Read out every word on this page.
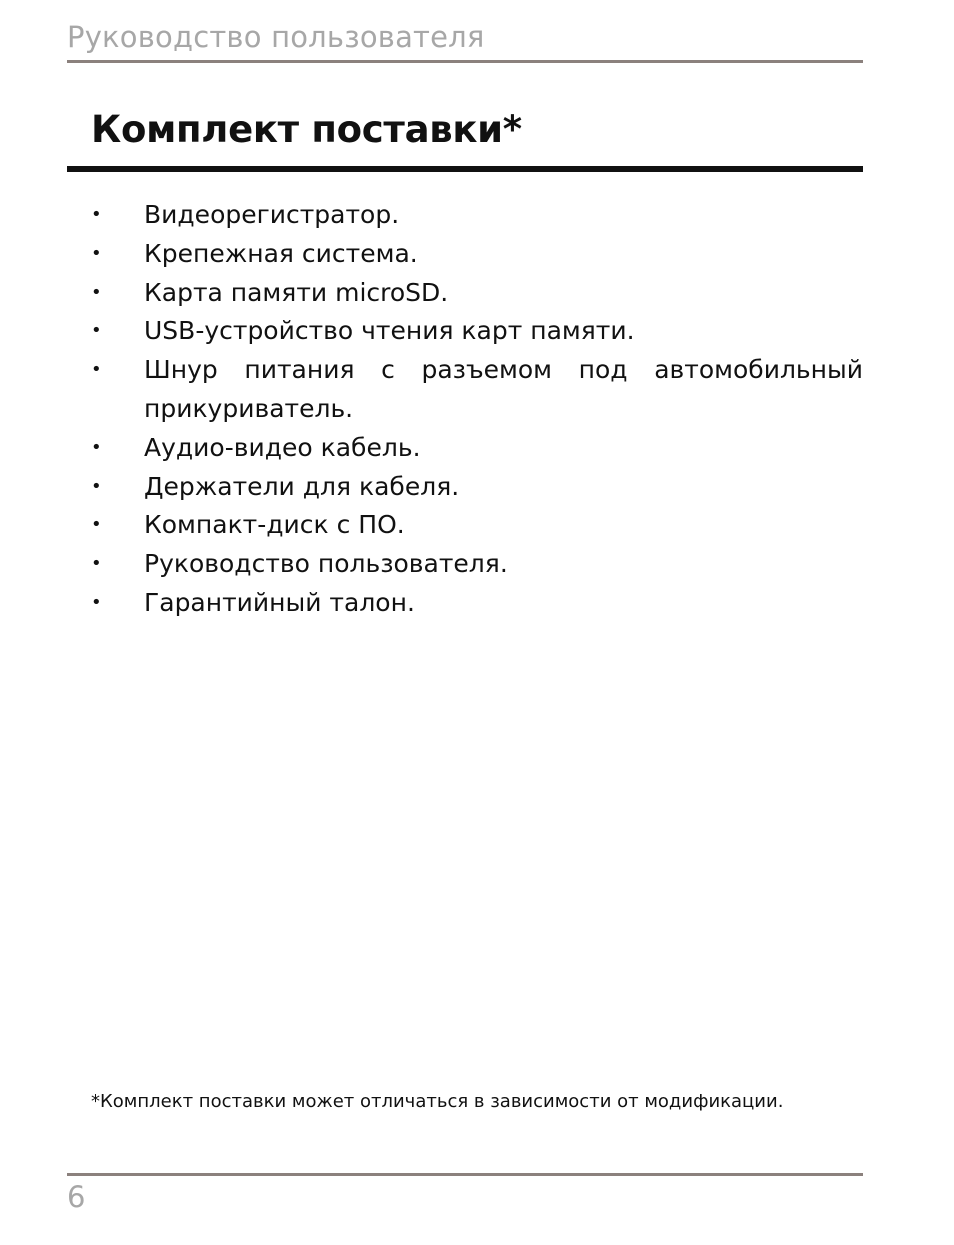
Руководство пользователя
Комплект поставки*
• Видеорегистратор.
• Крепежная система.
• Карта памяти microSD.
• USB-устройство чтения карт памяти.
• Шнур питания с разъемом под автомобильный прикуриватель.
• Аудио-видео кабель.
• Держатели для кабеля.
• Компакт-диск с ПО.
• Руководство пользователя.
• Гарантийный талон.
*Комплект поставки может отличаться в зависимости от модификации.
6
